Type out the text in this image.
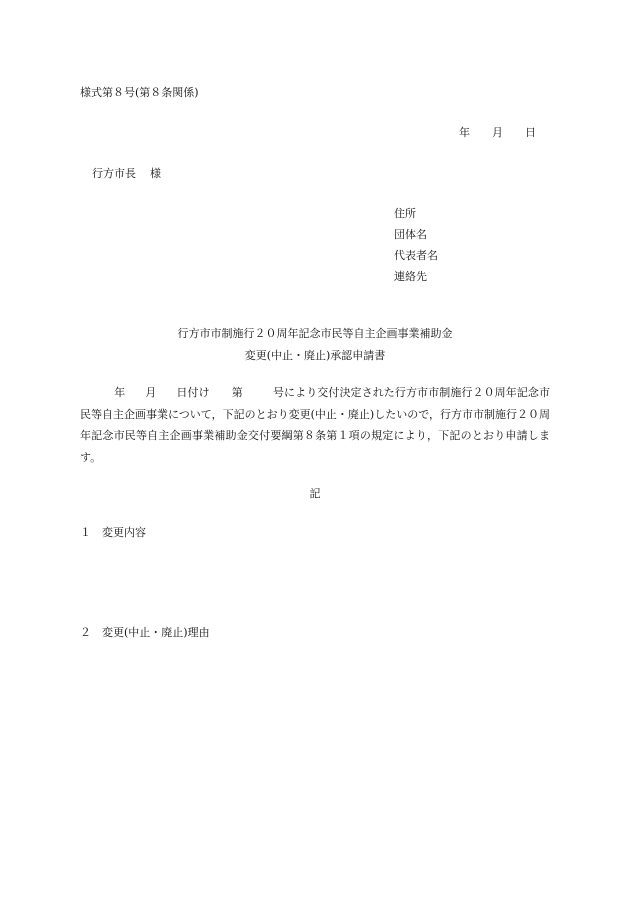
様式第８号(第８条関係)
年 月 日
行方市長 様
住所
団体名
代表者名
連絡先
行方市市制施行２０周年記念市民等自主企画事業補助金
変更(中止・廃止)承認申請書
年 月 日付け 第	号により交付決定された行方市市制施行２０周年記念市民等自主企画事業について，下記のとおり変更(中止・廃止)したいので，行方市市制施行２０周年記念市民等自主企画事業補助金交付要綱第８条第１項の規定により，下記のとおり申請します。
記
１ 変更内容
２ 変更(中止・廃止)理由
